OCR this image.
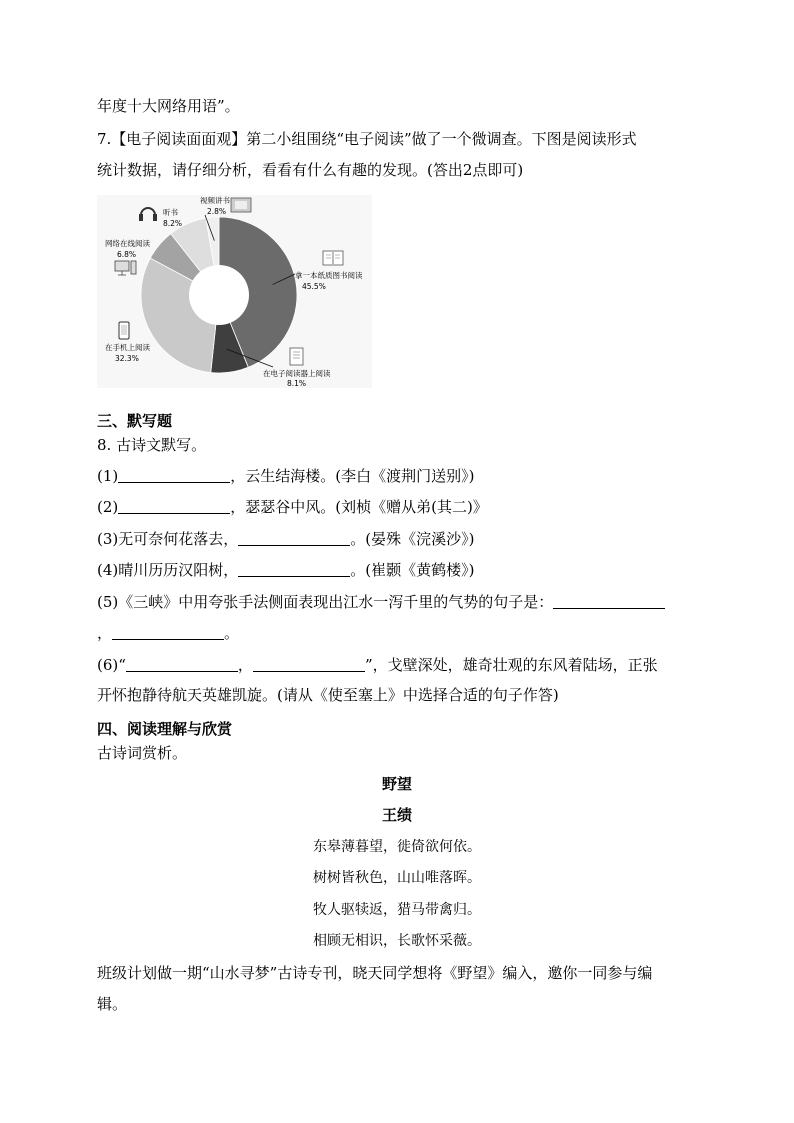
年度十大网络用语”。
7.【电子阅读面面观】第二小组围绕“电子阅读”做了一个微调查。下图是阅读形式
统计数据，请仔细分析，看看有什么有趣的发现。(答出2点即可)
拿一本纸质图书阅读
45.5%
在电子阅读器上阅读
8.1%
在手机上阅读
32.3%
网络在线阅读
6.8%
听书
8.2%
视频讲书
2.8%
三、默写题
8. 古诗文默写。
(1)	，云生结海楼。(李白《渡荆门送别》)
(2)	，瑟瑟谷中风。(刘桢《赠从弟(其二)》
(3)无可奈何花落去，	。(晏殊《浣溪沙》)
(4)晴川历历汉阳树，	。(崔颢《黄鹤楼》)
(5)《三峡》中用夸张手法侧面表现出江水一泻千里的气势的句子是：
，	。
(6)“	，	”，戈壁深处，雄奇壮观的东风着陆场，正张
开怀抱静待航天英雄凯旋。(请从《使至塞上》中选择合适的句子作答)
四、阅读理解与欣赏
古诗词赏析。
野望
王绩
东皋薄暮望，徙倚欲何依。
树树皆秋色，山山唯落晖。
牧人驱犊返，猎马带禽归。
相顾无相识，长歌怀采薇。
班级计划做一期“山水寻梦”古诗专刊，晓天同学想将《野望》编入，邀你一同参与编
辑。
